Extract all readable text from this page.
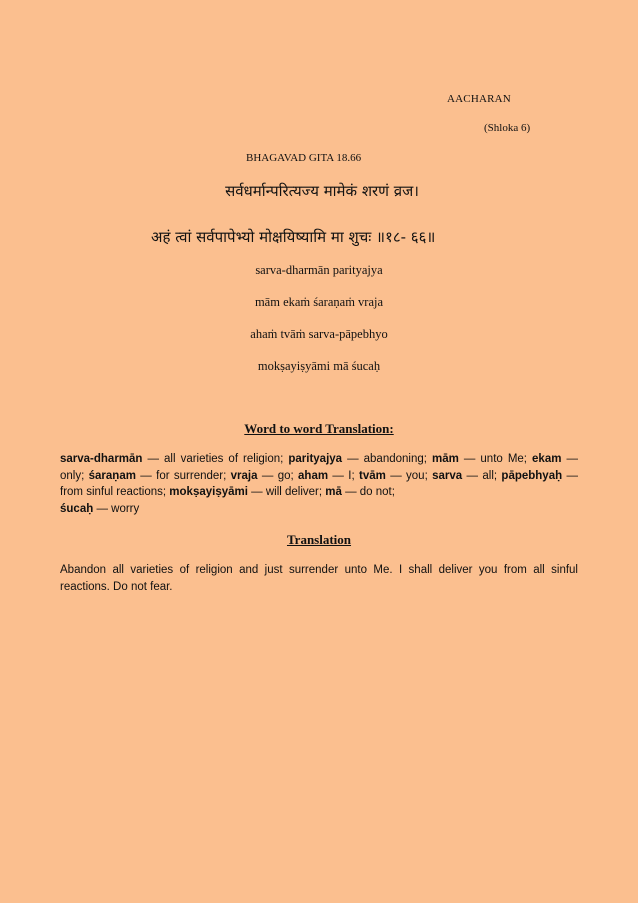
AACHARAN
(Shloka 6)
BHAGAVAD GITA 18.66
सर्वधर्मान्परित्यज्य मामेकं शरणं व्रज।
अहं त्वां सर्वपापेभ्यो मोक्षयिष्यामि मा शुचः ॥१८- ६६॥
sarva-dharmān parityajya
mām ekaṁ śaraṇaṁ vraja
ahaṁ tvāṁ sarva-pāpebhyo
mokṣayiṣyāmi mā śucaḥ
Word to word Translation:
sarva-dharmān — all varieties of religion; parityajya — abandoning; mām — unto Me; ekam — only; śaraṇam — for surrender; vraja — go; aham — I; tvām — you; sarva — all; pāpebhyaḥ — from sinful reactions; mokṣayiṣyāmi — will deliver; mā — do not;
śucaḥ — worry
Translation
Abandon all varieties of religion and just surrender unto Me. I shall deliver you from all sinful reactions. Do not fear.
